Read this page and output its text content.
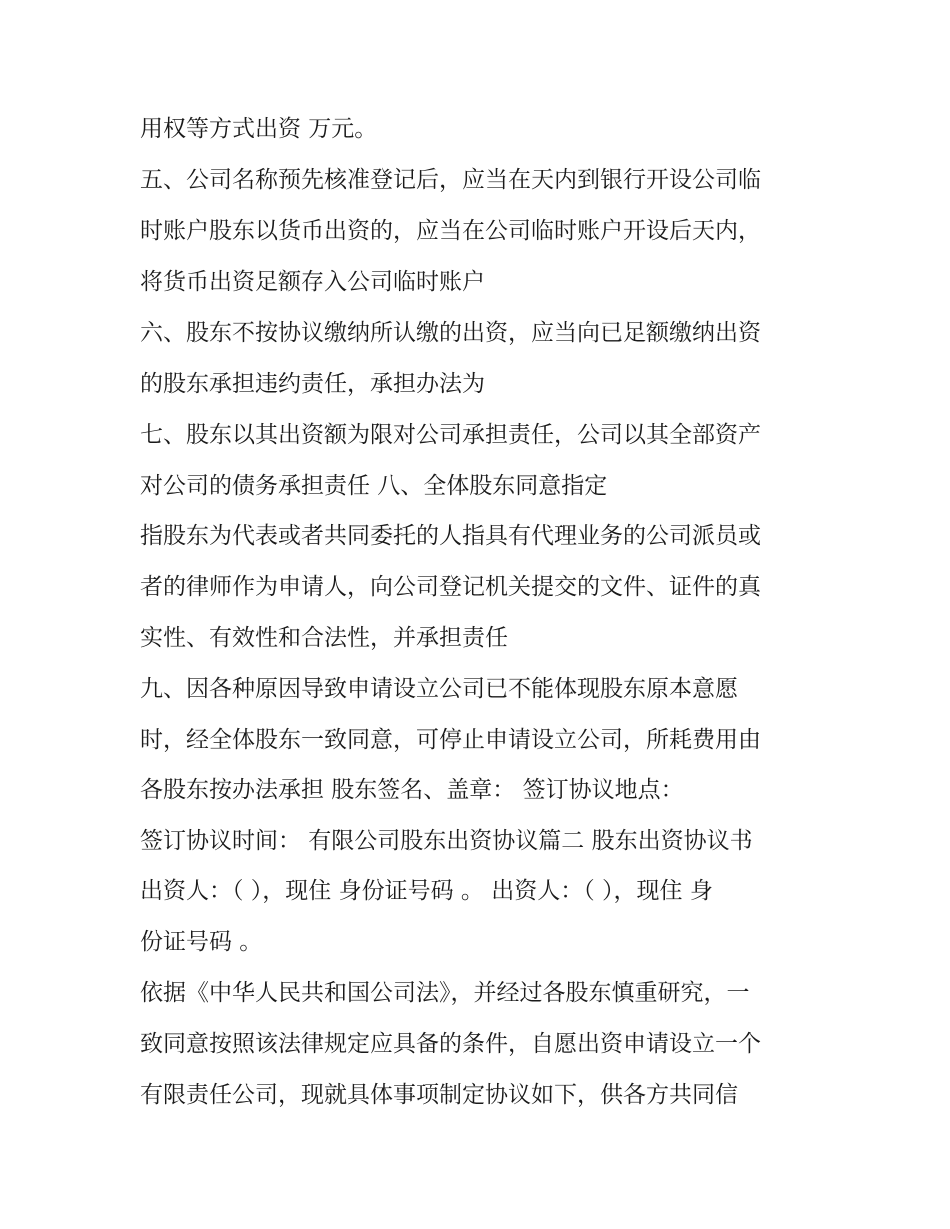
用权等方式出资 万元。
五、公司名称预先核准登记后，应当在天内到银行开设公司临
时账户股东以货币出资的，应当在公司临时账户开设后天内，
将货币出资足额存入公司临时账户
六、股东不按协议缴纳所认缴的出资，应当向已足额缴纳出资
的股东承担违约责任，承担办法为
七、股东以其出资额为限对公司承担责任，公司以其全部资产
对公司的债务承担责任 八、全体股东同意指定
指股东为代表或者共同委托的人指具有代理业务的公司派员或
者的律师作为申请人，向公司登记机关提交的文件、证件的真
实性、有效性和合法性，并承担责任
九、因各种原因导致申请设立公司已不能体现股东原本意愿
时，经全体股东一致同意，可停止申请设立公司，所耗费用由
各股东按办法承担 股东签名、盖章： 签订协议地点：
签订协议时间： 有限公司股东出资协议篇二 股东出资协议书
出资人：（ ），现住 身份证号码 。 出资人：（ ），现住 身
份证号码 。
依据《中华人民共和国公司法》，并经过各股东慎重研究，一
致同意按照该法律规定应具备的条件，自愿出资申请设立一个
有限责任公司，现就具体事项制定协议如下，供各方共同信
